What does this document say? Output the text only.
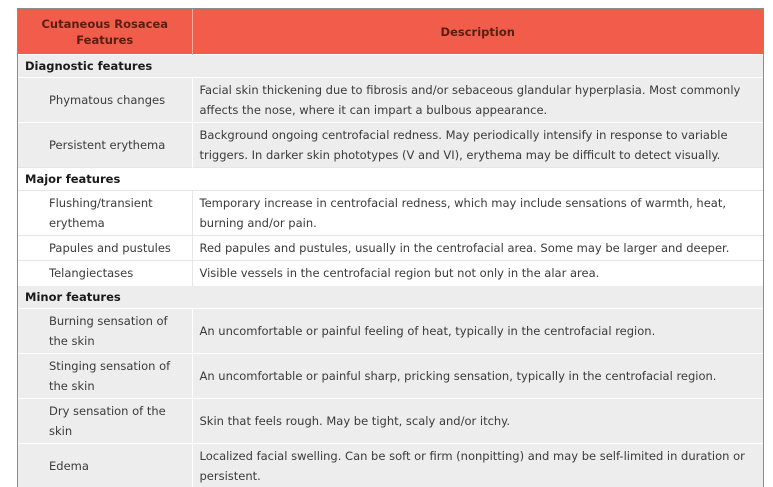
Cutaneous Rosacea Features	Description
Diagnostic features	
Phymatous changes	Facial skin thickening due to fibrosis and/or sebaceous glandular hyperplasia. Most commonly affects the nose, where it can impart a bulbous appearance.
Persistent erythema	Background ongoing centrofacial redness. May periodically intensify in response to variable triggers. In darker skin phototypes (V and VI), erythema may be difficult to detect visually.
Major features	
Flushing/transient erythema	Temporary increase in centrofacial redness, which may include sensations of warmth, heat, burning and/or pain.
Papules and pustules	Red papules and pustules, usually in the centrofacial area. Some may be larger and deeper.
Telangiectases	Visible vessels in the centrofacial region but not only in the alar area.
Minor features	
Burning sensation of the skin	An uncomfortable or painful feeling of heat, typically in the centrofacial region.
Stinging sensation of the skin	An uncomfortable or painful sharp, pricking sensation, typically in the centrofacial region.
Dry sensation of the skin	Skin that feels rough. May be tight, scaly and/or itchy.
Edema	Localized facial swelling. Can be soft or firm (nonpitting) and may be self-limited in duration or persistent.
